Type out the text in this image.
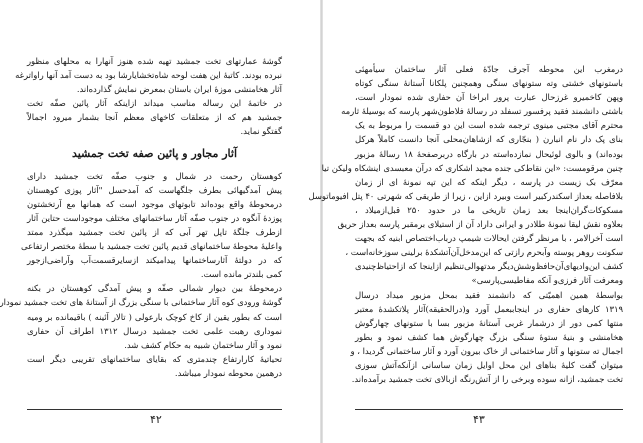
گوشهٔ عمارتهای تخت جمشید تهیه شده هنوز آنهارا به محلهای منظور
نبرده بودند. کاتبهٔ این هفت لوحه شاه‌تخشایارشا بود به دست آمد آنها راواترغه
آثار هخامنشی موزهٔ ایران باستان بمعرض نمایش گذارده‌اند.
در خاتمهٔ این رساله مناسب میداند ازاینکه آثار پائین صفّه تخت
جمشید هم که از متعلقات کاخهای معظم آنجا بشمار میرود اجمالاً
گفتگو نماید.
آثار مجاور و پائین صفه تخت جمشید
کوهستان رحمت در شمال و جنوب صفّه تخت جمشید دارای
پیش آمدگیهائی بطرف جلگهاست که آمدحسل "آثار پوزی کوهستان
درمحوطهٔ واقع بوده‌اند تابوتهای موجود است که همانها مع آرتخشتون
پوزدهٔ آنگوه در جنوب صفّه آثار ساختمانهای مختلف موجوداست حتاین آثار
ازطرف جلگهٔ تاپل تهر آبی که از پائین تخت جمشید میگذرد ممتد
واعلیهٔ محوطهٔ ساختمانهای قدیم پائین تخت جمشید با سطهٔ مختصر ارتفاعی
که در دولتهٔ آثارساختمانها پیدامیکند ازسایرقسمت‌آب وآراضی‌ازجور
کمی بلندتر مانده است.
درمحوطهٔ بین دیوار شمالی صفّه و پیش آمدگی کوهستان در بکنه
گوشهٔ ورودی کوه آثار ساختمانی با سنگی بزرگ از آستانهٔ های تخت جمشید نمودار
است که بطور یقین از کاخ کوچک بارعولی ( تالار آئینه ) باقیمانده بر ومیه
نموداری رهبت علمی تخت جمشید درسال ۱۳۱۲ اطراف آن حفاری
نمود و آثار ساختمان شبیه به حکام کشف شد.
تحیاتیهٔ کارارتفاع چندمتری که بقایای ساختمانهای تقریبی دیگر است
درهمین محوطه نمودار میباشد.
۴۲
درمغرب این محوطه آجرف جادّهٔ فعلی آثار ساختمان سیأمهئی
باستونهای خشتی وته ستونهای سنگی وهمچنین پلکانا آستانهٔ سنگی کوتاه
وپهن کاخمیرو غرزحال عبارت پرور ابراخا آن حفاری شده نمودار است،
باشتی دانشمند فقید پرفسور تسفلد در رسالهٔ فلاطون‌شهر پارسه که بوسیلهٔ ثارمه
محترم آقای مجتبی مینوی ترجمه شده است این دو قسمت را مربوط به یک
بنای پک دار نام انبارن ( بنجّاری که ازشاهان‌محلی آنجا دانست کاملاً هرکل
بوده‌اند) و بالوی لوئیحال نمازده‌استه در بارگاه دربرصفحهٔ ۱۸ رسالهٔ مزبور
چنین مرقومست: «این نقاط‌کی جنده مجید اشکاری که درآن معبسدی اینشکاه ولیکن تیا
معرّف بک زیست در پارسه ، دیگر اینکه که این تپه نمونهٔ ای از زمان
بلافاصله بعداز اسکندرکبیر است وبیرد ازاین ، زیرا از طریقی که شهرتی ۴۰ پتل افیوماتوسل
مسکوکات‌گران‌اینجا بعد زمان تاریخی ما در حدود ۲۵۰ قبل‌ازمیلاد ،
بعلاوه نقش لیقا نمونهٔ طلادر و ایرانی داراد آن از استیلای برمقبر پارسه بعداز حریق
است آخرالامر ، با مرنظر گرفتن ایحالات شیمپ درباب‌اختصاص ابنیه که بجهت
سکونت روهر پوسته وآبحرم رازتی که این‌مدخل‌آن‌آتشکدهٔ برلینی سوزخانه‌است ،
کشف این‌وادیهای‌آن‌حافظ‌و‌شش‌دیگر مدتهوالی‌تنظیم ازاینجا که ازاحتیاظ‌چنیدی
ومعرفت آثار فرزی‌و آنکه مفاطیسی‌پارسی»
بواسطهٔ همین اهمیّتی که دانشمند فقید بمحل مزبور میداد درسال
۱۳۱۹ کارهای حفاری در اینجاببعمل آورد و(درالحقیقه)آثار پلاتکشدهٔ معتبر
منتها کمی دور از درشمار غربی آستانهٔ مزبور بسا با ستونهای چهارگوش
هخامنشی و بنیهٔ ستوهٔ سنگی بزرگ چهارگوش هما کشف نمود و بطور
اجمال ته ستونها و آثار ساختمانی از خاک بیرون آورد و آثار ساختمانی گردیدا ، و
میتوان گفت کلیهٔ بناهای این محل اوایل زمان ساسانی ازآنکه‌آتش سوزی
تخت جمشید، ازانه سوده وبرخی را از آتش‌رنگه ازبالای تخت جمشید برآمده‌اند.
۴۳
